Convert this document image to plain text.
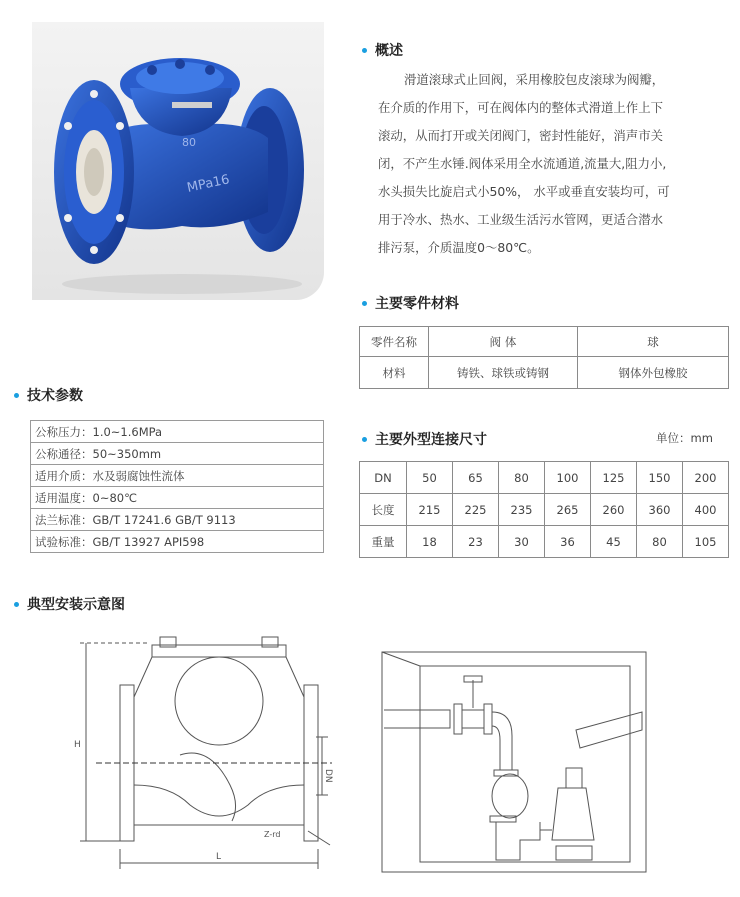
80
MPa16
概述

滑道滚球式止回阀，采用橡胶包皮滚球为阀瓣，

在介质的作用下，可在阀体内的整体式滑道上作上下

滚动，从而打开或关闭阀门，密封性能好，消声市关

闭，不产生水锤.阀体采用全水流通道,流量大,阻力小,

水头损失比旋启式小50%， 水平或垂直安装均可，可

用于冷水、热水、工业级生活污水管网，更适合潜水

排污泵，介质温度0～80℃。

主要零件材料
零件名称	阀 体	球
材料	铸铁、球铁或铸钢	钢体外包橡胶
技术参数
公称压力：1.0~1.6MPa
公称通径：50~350mm
适用介质：水及弱腐蚀性流体
适用温度：0~80℃
法兰标准：GB/T 17241.6 GB/T 9113
试验标准：GB/T 13927 API598
主要外型连接尺寸	单位：mm
DN	50	65	80	100	125	150	200
长度	215	225	235	265	260	360	400
重量	18	23	30	36	45	80	105
典型安装示意图
H
DN
L
Z-rd
